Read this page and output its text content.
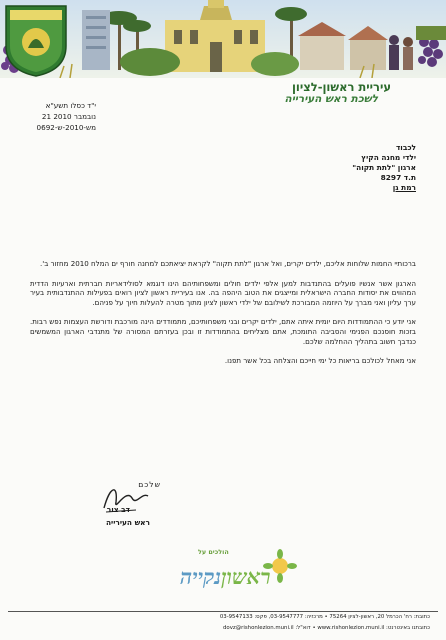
עיריית ראשון-לציון
לשכת ראש העירייה
י"ד כסלו תשע"א
21 נובמבר 2010
מש-2010-ש-0692
לכבוד
ילדי מחנה הקיץ
ארגון "לתת תקוה"
ת.ד 8297
רמת גן

ברכותיי החמות שלוחות אליכם, ילדים יקרים, ואל ארגון "לתת תקוה" לקראת יציאתכם למחנה חורף ים המלח 2010 מחזור ב'.

הארגון אשר אנשיו פועלים בהתנדבות למען אלפי ילדים חולים ומשפחותיהם הינו דוגמא לסולידאריות חברתית וארעיות הדדית המהווים את יסודות החברה הישראלית ומייצגים את הטוב היהפה בה. אנו בעיריית ראשון לציון רואים בפעילות ההתנדבותית בעיר ערך עליון ואני מברך על היוזמה המבורכת לשילובם של ילדי ראשון לציון מתוך מטרה להעלות חיוך על פניהם.

אני יודע כי ההתמודדות היום יומית איתה אתם, ילדים יקרים ובני משפחותיכם, מתמודדים הינה מורכבת ודורשת העצמות נפש רבות. בזכות חוסנכם הפנימי והסביבה התומכת, אתם מצליחים בהתמודדות זו ובכן בעזרתם המסורה של מתנדבי הארגון המשמשים כנדבך חשוב בתהליך ההחלמה שלכם.

אני מאחל לכולכם בריאות כל ימי חייכם והצלחה בכל אשר תפנו.

שלכם
דב צור
ראש העירייה
הולכים על
ראשוןנקייה
כתובת: רח' הכרמל 20, ראשון-לציון 75264 • מרכזיה: 03-9547777, פקס: 03-9547133
כתובתנו באינטרנט: www.rishonlezion.muni.il • דוא"ל: dovz@rishonlezion.muni.il
